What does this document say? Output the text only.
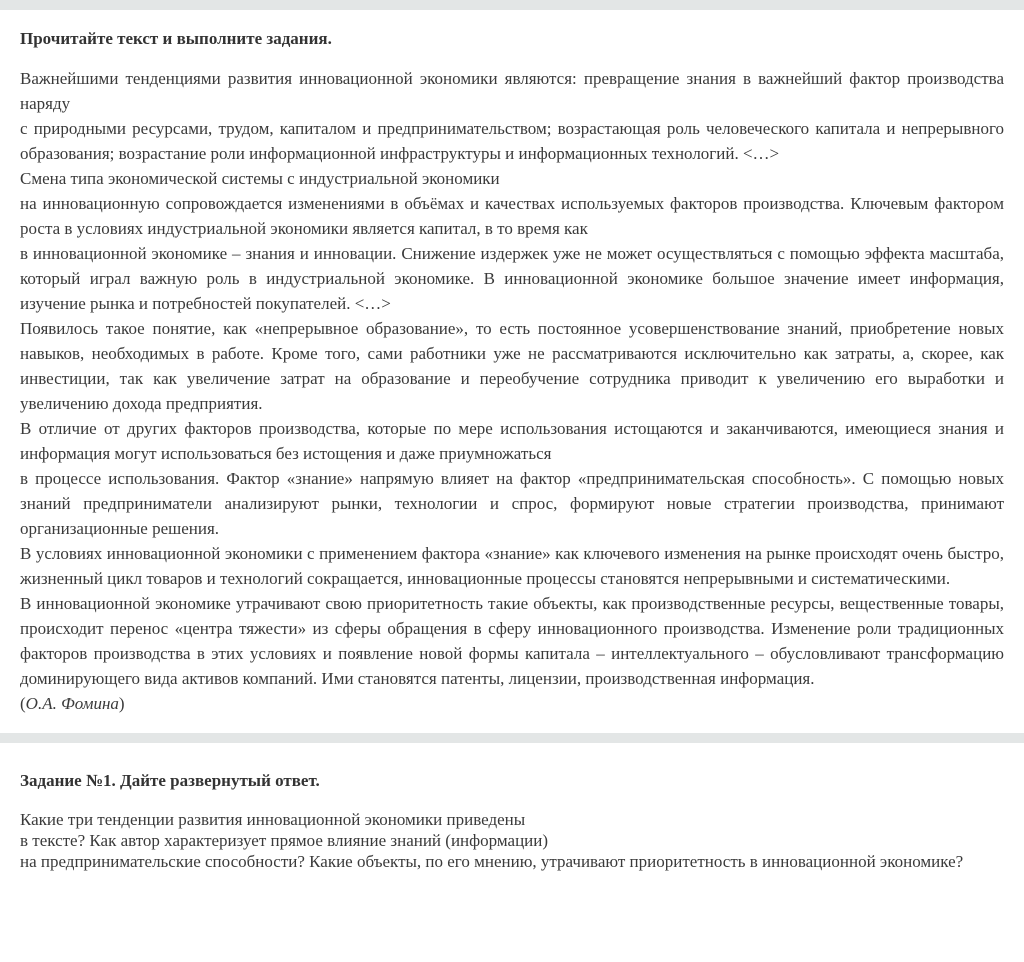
Прочитайте текст и выполните задания.

Важнейшими тенденциями развития инновационной экономики являются: превращение знания в важнейший фактор производства наряду

с природными ресурсами, трудом, капиталом и предпринимательством; возрастающая роль человеческого капитала и непрерывного образования; возрастание роли информационной инфраструктуры и информационных технологий. <…>

Смена типа экономической системы с индустриальной экономики

на инновационную сопровождается изменениями в объёмах и качествах используемых факторов производства. Ключевым фактором роста в условиях индустриальной экономики является капитал, в то время как

в инновационной экономике – знания и инновации. Снижение издержек уже не может осуществляться с помощью эффекта масштаба, который играл важную роль в индустриальной экономике. В инновационной экономике большое значение имеет информация, изучение рынка и потребностей покупателей. <…>

Появилось такое понятие, как «непрерывное образование», то есть постоянное усовершенствование знаний, приобретение новых навыков, необходимых в работе. Кроме того, сами работники уже не рассматриваются исключительно как затраты, а, скорее, как инвестиции, так как увеличение затрат на образование и переобучение сотрудника приводит к увеличению его выработки и увеличению дохода предприятия.

В отличие от других факторов производства, которые по мере использования истощаются и заканчиваются, имеющиеся знания и информация могут использоваться без истощения и даже приумножаться

в процессе использования. Фактор «знание» напрямую влияет на фактор «предпринимательская способность». С помощью новых знаний предприниматели анализируют рынки, технологии и спрос, формируют новые стратегии производства, принимают организационные решения.

В условиях инновационной экономики с применением фактора «знание» как ключевого изменения на рынке происходят очень быстро, жизненный цикл товаров и технологий сокращается, инновационные процессы становятся непрерывными и систематическими.

В инновационной экономике утрачивают свою приоритетность такие объекты, как производственные ресурсы, вещественные товары, происходит перенос «центра тяжести» из сферы обращения в сферу инновационного производства. Изменение роли традиционных факторов производства в этих условиях и появление новой формы капитала – интеллектуального – обусловливают трансформацию доминирующего вида активов компаний. Ими становятся патенты, лицензии, производственная информация.

(О.А. Фомина)

Задание №1. Дайте развернутый ответ.

Какие три тенденции развития инновационной экономики приведены

в тексте? Как автор характеризует прямое влияние знаний (информации)

на предпринимательские способности? Какие объекты, по его мнению, утрачивают приоритетность в инновационной экономике?
